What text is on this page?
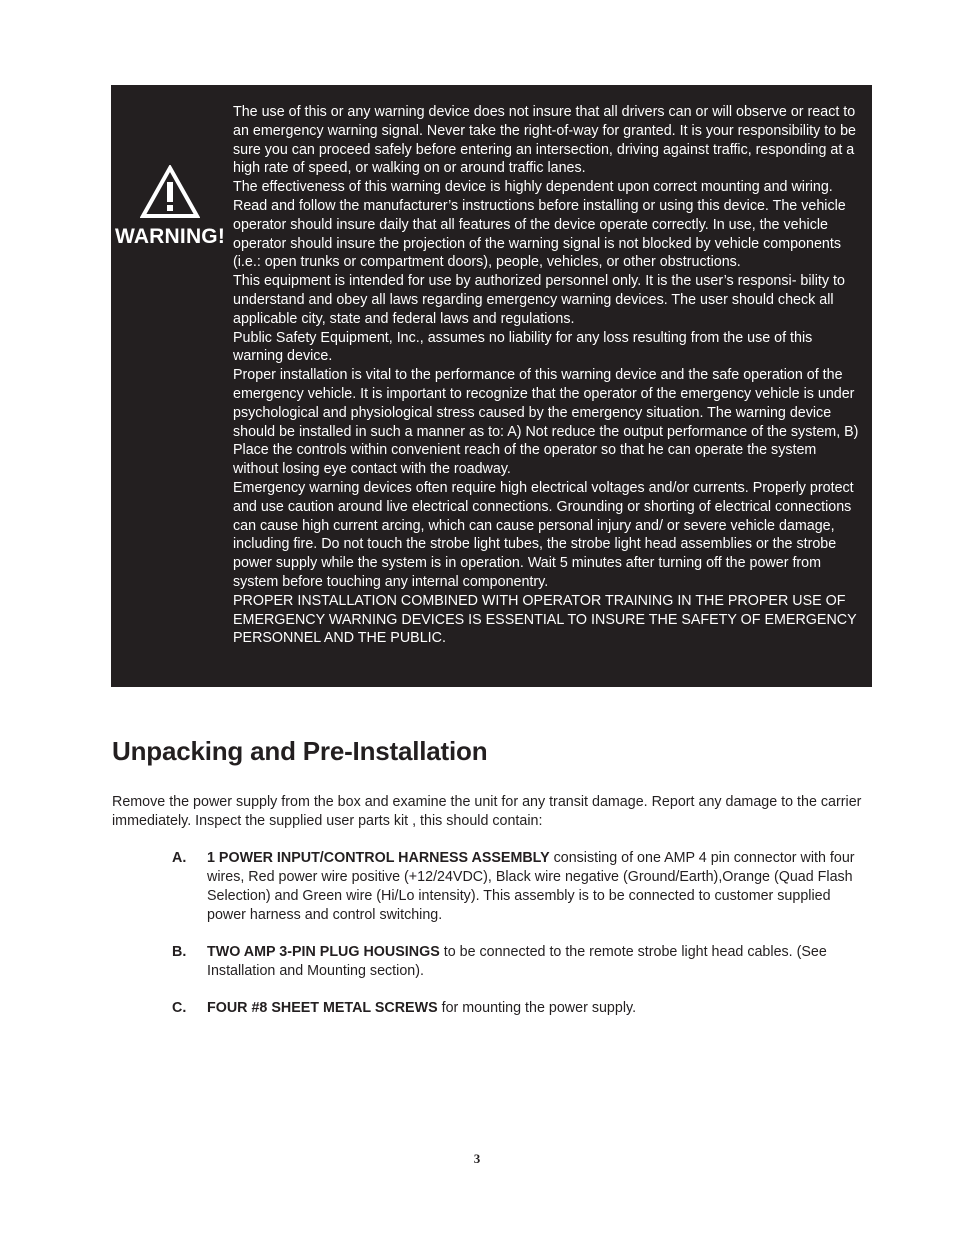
WARNING!

The use of this or any warning device does not insure that all drivers can or will observe or react to an emergency warning signal. Never take the right-of-way for granted. It is your responsibility to be sure you can proceed safely before entering an intersection, driving against traffic, responding at a high rate of speed, or walking on or around traffic lanes.

The effectiveness of this warning device is highly dependent upon correct mounting and wiring. Read and follow the manufacturer’s instructions before installing or using this device. The vehicle operator should insure daily that all features of the device operate correctly. In use, the vehicle operator should insure the projection of the warning signal is not blocked by vehicle components (i.e.: open trunks or compartment doors), people, vehicles, or other obstructions.

This equipment is intended for use by authorized personnel only. It is the user’s responsi- bility to understand and obey all laws regarding emergency warning devices. The user should check all applicable city, state and federal laws and regulations.

Public Safety Equipment, Inc., assumes no liability for any loss resulting from the use of this warning device.

Proper installation is vital to the performance of this warning device and the safe operation of the emergency vehicle. It is important to recognize that the operator of the emergency vehicle is under psychological and physiological stress caused by the emergency situation. The warning device should be installed in such a manner as to: A) Not reduce the output performance of the system, B) Place the controls within convenient reach of the operator so that he can operate the system without losing eye contact with the roadway.

Emergency warning devices often require high electrical voltages and/or currents. Properly protect and use caution around live electrical connections. Grounding or shorting of electrical connections can cause high current arcing, which can cause personal injury and/ or severe vehicle damage, including fire. Do not touch the strobe light tubes, the strobe light head assemblies or the strobe power supply while the system is in operation. Wait 5 minutes after turning off the power from system before touching any internal componentry.

PROPER INSTALLATION COMBINED WITH OPERATOR TRAINING IN THE PROPER USE OF EMERGENCY WARNING DEVICES IS ESSENTIAL TO INSURE THE SAFETY OF EMERGENCY PERSONNEL AND THE PUBLIC.

Unpacking and Pre-Installation

Remove the power supply from the box and examine the unit for any transit damage. Report any damage to the carrier immediately. Inspect the supplied user parts kit , this should contain:

A. 1 POWER INPUT/CONTROL HARNESS ASSEMBLY consisting of one AMP 4 pin connector with four wires, Red power wire positive (+12/24VDC), Black wire negative (Ground/Earth),Orange (Quad Flash Selection) and Green wire (Hi/Lo intensity). This assembly is to be connected to customer supplied power harness and control switching.
B. TWO AMP 3-PIN PLUG HOUSINGS to be connected to the remote strobe light head cables. (See Installation and Mounting section).
C. FOUR #8 SHEET METAL SCREWS for mounting the power supply.
3
